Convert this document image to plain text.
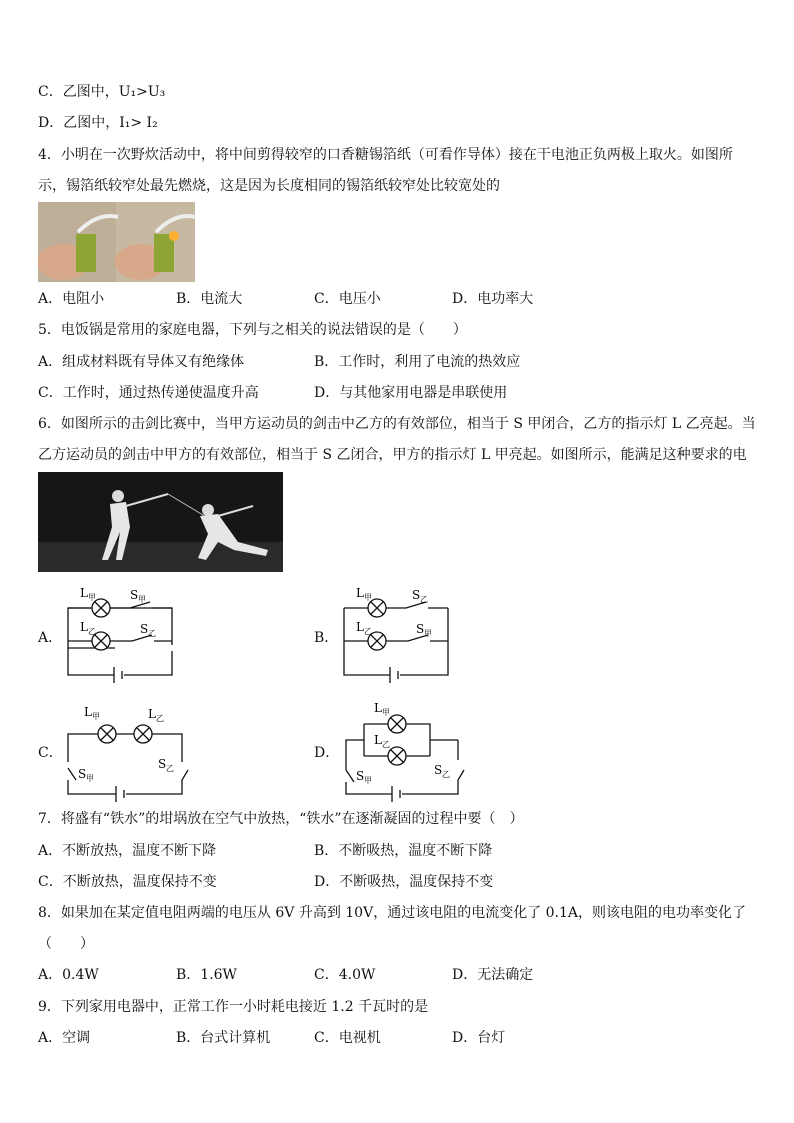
C．乙图中，U₁>U₃
D．乙图中，I₁> I₂
4．小明在一次野炊活动中，将中间剪得较窄的口香糖锡箔纸（可看作导体）接在干电池正负两极上取火。如图所示，锡箔纸较窄处最先燃烧，这是因为长度相同的锡箔纸较窄处比较宽处的
A．电阻小	B．电流大	C．电压小	D．电功率大
5．电饭锅是常用的家庭电器，下列与之相关的说法错误的是（　　）
A．组成材料既有导体又有绝缘体	B．工作时，利用了电流的热效应
C．工作时，通过热传递使温度升高	D．与其他家用电器是串联使用
6．如图所示的击剑比赛中，当甲方运动员的剑击中乙方的有效部位，相当于 S 甲闭合，乙方的指示灯 L 乙亮起。当乙方运动员的剑击中甲方的有效部位，相当于 S 乙闭合，甲方的指示灯 L 甲亮起。如图所示，能满足这种要求的电
A．
L 甲	S 甲
L 乙	S 乙	B．
L 甲	S 乙
L 乙	S 甲
C．
L 甲	L 乙
S 甲
S 乙
D．
L 甲
L 乙
S 甲
S 乙
7．将盛有“铁水”的坩埚放在空气中放热，“铁水”在逐渐凝固的过程中要（　）
A．不断放热，温度不断下降	B．不断吸热，温度不断下降
C．不断放热，温度保持不变	D．不断吸热，温度保持不变
8．如果加在某定值电阻两端的电压从 6V 升高到 10V，通过该电阻的电流变化了 0.1A，则该电阻的电功率变化了（　　）
A．0.4W	B．1.6W	C．4.0W	D．无法确定
9．下列家用电器中，正常工作一小时耗电接近 1.2 千瓦时的是
A．空调	B．台式计算机	C．电视机	D．台灯
